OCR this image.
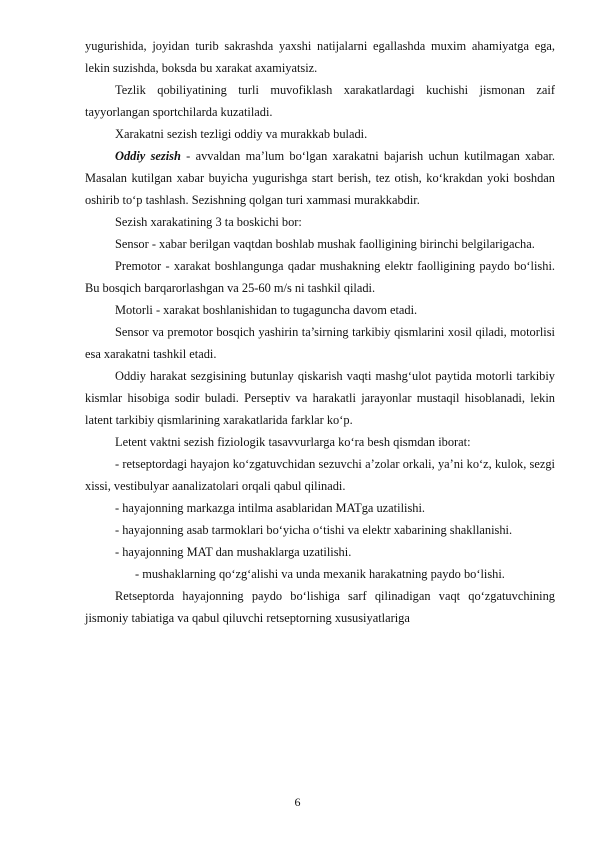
yugurishida, joyidan turib sakrashda yaxshi natijalarni egallashda muxim ahamiyatga ega, lekin suzishda, boksda bu xarakat axamiyatsiz.

Tezlik qobiliyatining turli muvofiklash xarakatlardagi kuchishi jismonan zaif tayyorlangan sportchilarda kuzatiladi.

Xarakatni sezish tezligi oddiy va murakkab buladi.

Oddiy sezish - avvaldan ma’lum bo‘lgan xarakatni bajarish uchun kutilmagan xabar. Masalan kutilgan xabar buyicha yugurishga start berish, tez otish, ko‘krakdan yoki boshdan oshirib to‘p tashlash. Sezishning qolgan turi xammasi murakkabdir.

Sezish xarakatining 3 ta boskichi bor:

Sensor - xabar berilgan vaqtdan boshlab mushak faolligining birinchi belgilarigacha.

Premotor - xarakat boshlangunga qadar mushakning elektr faolligining paydo bo‘lishi. Bu bosqich barqarorlashgan va 25-60 m/s ni tashkil qiladi.

Motorli - xarakat boshlanishidan to tugaguncha davom etadi.

Sensor va premotor bosqich yashirin ta’sirning tarkibiy qismlarini xosil qiladi, motorlisi esa xarakatni tashkil etadi.

Oddiy harakat sezgisining butunlay qiskarish vaqti mashg‘ulot paytida motorli tarkibiy kismlar hisobiga sodir buladi. Perseptiv va harakatli jarayonlar mustaqil hisoblanadi, lekin latent tarkibiy qismlarining xarakatlarida farklar ko‘p.

Letent vaktni sezish fiziologik tasavvurlarga ko‘ra besh qismdan iborat:

- retseptordagi hayajon ko‘zgatuvchidan sezuvchi a’zolar orkali, ya’ni ko‘z, kulok, sezgi xissi, vestibulyar aanalizatolari orqali qabul qilinadi.

- hayajonning markazga intilma asablaridan MATga uzatilishi.

- hayajonning asab tarmoklari bo‘yicha o‘tishi va elektr xabarining shakllanishi.

- hayajonning MAT dan mushaklarga uzatilishi.

- mushaklarning qo‘zg‘alishi va unda mexanik harakatning paydo bo‘lishi.

Retseptorda hayajonning paydo bo‘lishiga sarf qilinadigan vaqt qo‘zgatuvchining jismoniy tabiatiga va qabul qiluvchi retseptorning xususiyatlariga

6
